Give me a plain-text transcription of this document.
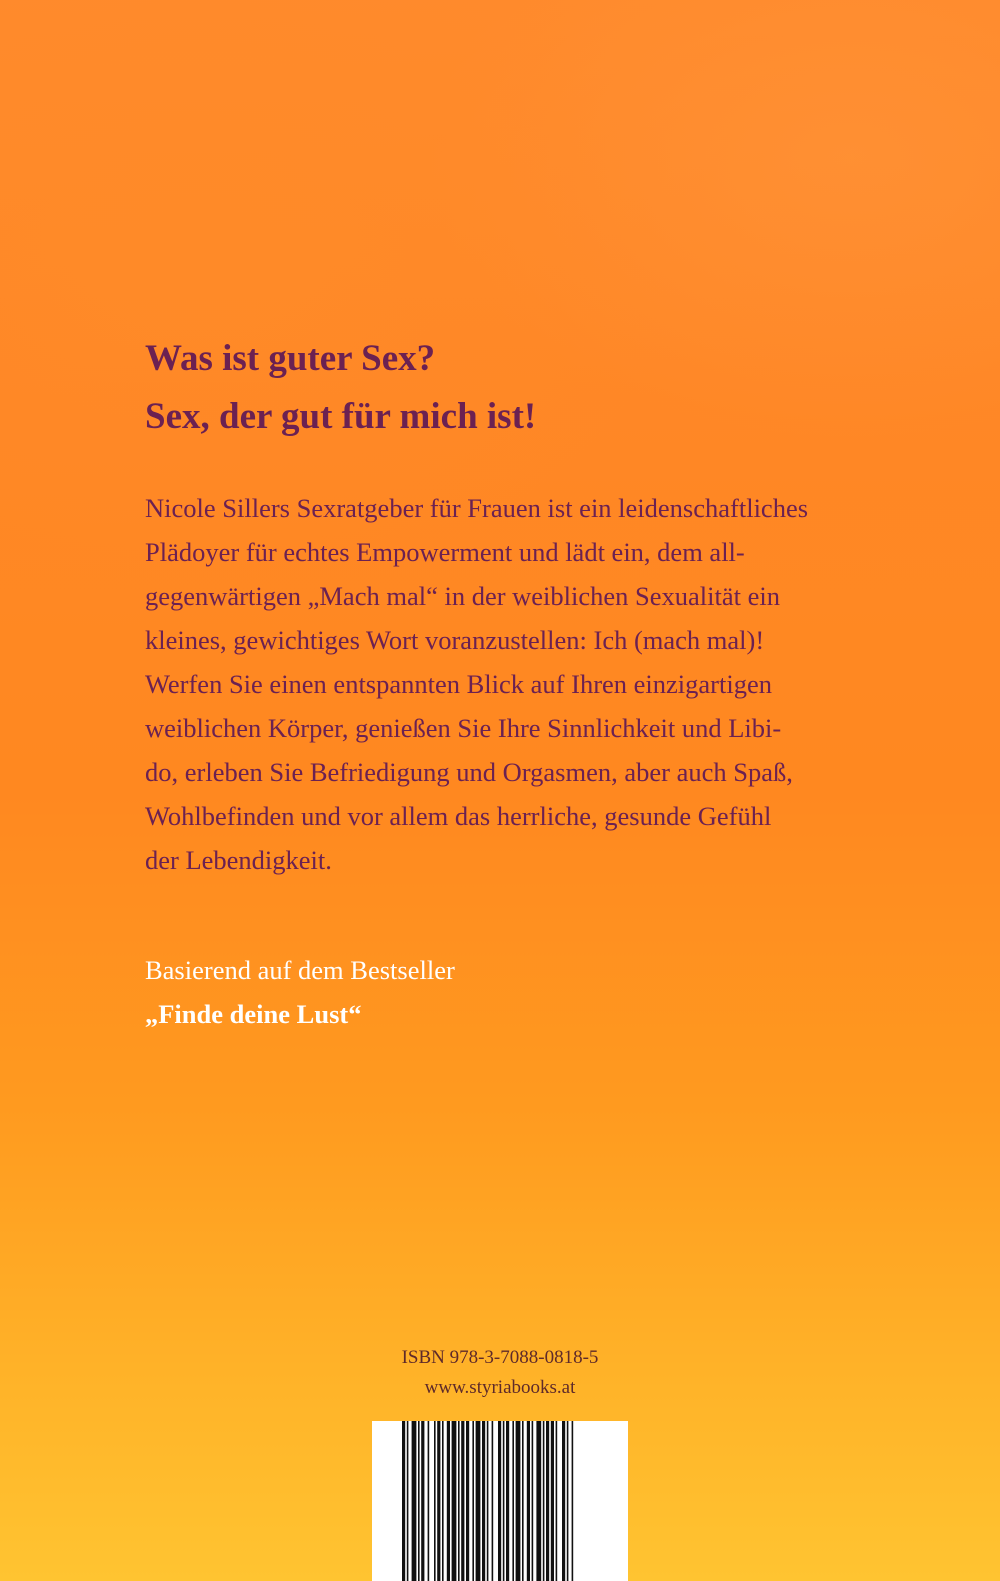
Was ist guter Sex?
Sex, der gut für mich ist!
Nicole Sillers Sexratgeber für Frauen ist ein leidenschaftliches
Plädoyer für echtes Empowerment und lädt ein, dem all-
gegenwärtigen „Mach mal“ in der weiblichen Sexualität ein
kleines, gewichtiges Wort voranzustellen: Ich (mach mal)!
Werfen Sie einen entspannten Blick auf Ihren einzigartigen
weiblichen Körper, genießen Sie Ihre Sinnlichkeit und Libi-
do, erleben Sie Befriedigung und Orgasmen, aber auch Spaß,
Wohlbefinden und vor allem das herrliche, gesunde Gefühl
der Lebendigkeit.
Basierend auf dem Bestseller
„Finde deine Lust“
ISBN 978-3-7088-0818-5
www.styriabooks.at
